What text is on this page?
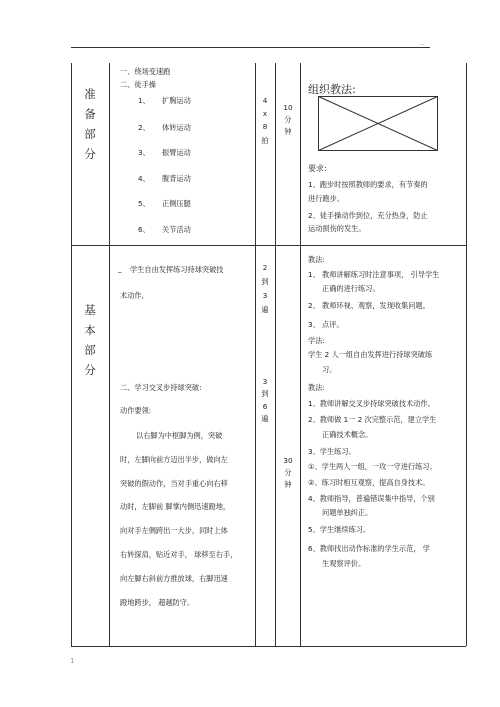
..
1
准
备
部
分
一、绕场变速跑
二、徒手操
1、 扩胸运动
2、 体转运动
3、 振臂运动
4、 腹背运动
5、 正侧压腿
6、 关节活动
4
x
8
拍
10
分
钟
组织教法:
要求:
1、跑步时按照教师的要求，有节奏的
进行跑步。
2、徒手操动作到位，充分热身，防止
运动损伤的发生。
基
本
部
分
_ 学生自由发挥练习持球突破技
术动作,
二、学习交叉步持球突破:
动作要领:
以右脚为中枢脚为例，突破
时，左脚向前方迈出半步，做向左
突破的假动作，当对手重心向右移
动时，左脚前 脚掌内侧迅速蹬地，
向对手左侧跨出一大步，同时上体
右转探肩，贴近对手， 球移至右手，
向左脚右斜前方推放球，右脚迅速
蹬地跨步， 超越防守。
2
到
3
遍
3
到
6
遍
30
分
钟
教法:
1、 教师讲解练习时注意事项， 引导学生
正确的进行练习。
2、 教师环视、观察，发现收集问题。
3、 点评。
学法:
学生 2 人一组自由发挥进行持球突破练
习。
教法:
1、教师讲解交叉步持球突破技术动作。
2、教师做 1一 2 次完整示范，建立学生
正确技术概念。
3、学生练习。
①、学生两人一组，一攻一守进行练习。
②、练习时相互观察，提高自身技术。
4、教师指导，普遍错误集中指导，个别
问题单独纠正。
5、学生继续练习。
6、教师找出动作标准的学生示范， 学
生观察评价。
